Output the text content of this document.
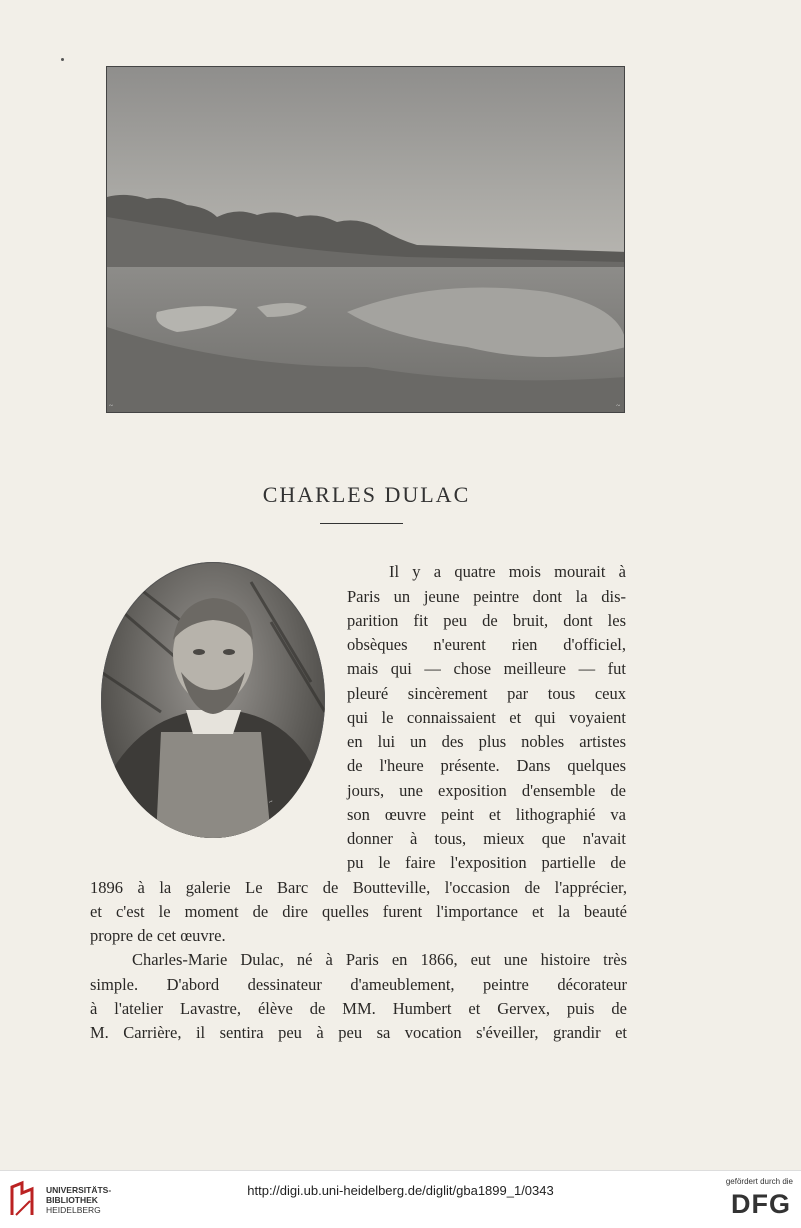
~	~
CHARLES DULAC
~
Il y a quatre mois mourait à
Paris un jeune peintre dont la dis-
parition fit peu de bruit, dont les
obsèques n'eurent rien d'officiel,
mais qui — chose meilleure — fut
pleuré sincèrement par tous ceux
qui le connaissaient et qui voyaient
en lui un des plus nobles artistes
de l'heure présente. Dans quelques
jours, une exposition d'ensemble de
son œuvre peint et lithographié va
donner à tous, mieux que n'avait
pu le faire l'exposition partielle de
1896 à la galerie Le Barc de Boutteville, l'occasion de l'apprécier,
et c'est le moment de dire quelles furent l'importance et la beauté
propre de cet œuvre.
Charles-Marie Dulac, né à Paris en 1866, eut une histoire très
simple. D'abord dessinateur d'ameublement, peintre décorateur
à l'atelier Lavastre, élève de MM. Humbert et Gervex, puis de
M. Carrière, il sentira peu à peu sa vocation s'éveiller, grandir et
UNIVERSITÄTS-
BIBLIOTHEK
HEIDELBERG
http://digi.ub.uni-heidelberg.de/diglit/gba1899_1/0343
gefördert durch die
DFG
